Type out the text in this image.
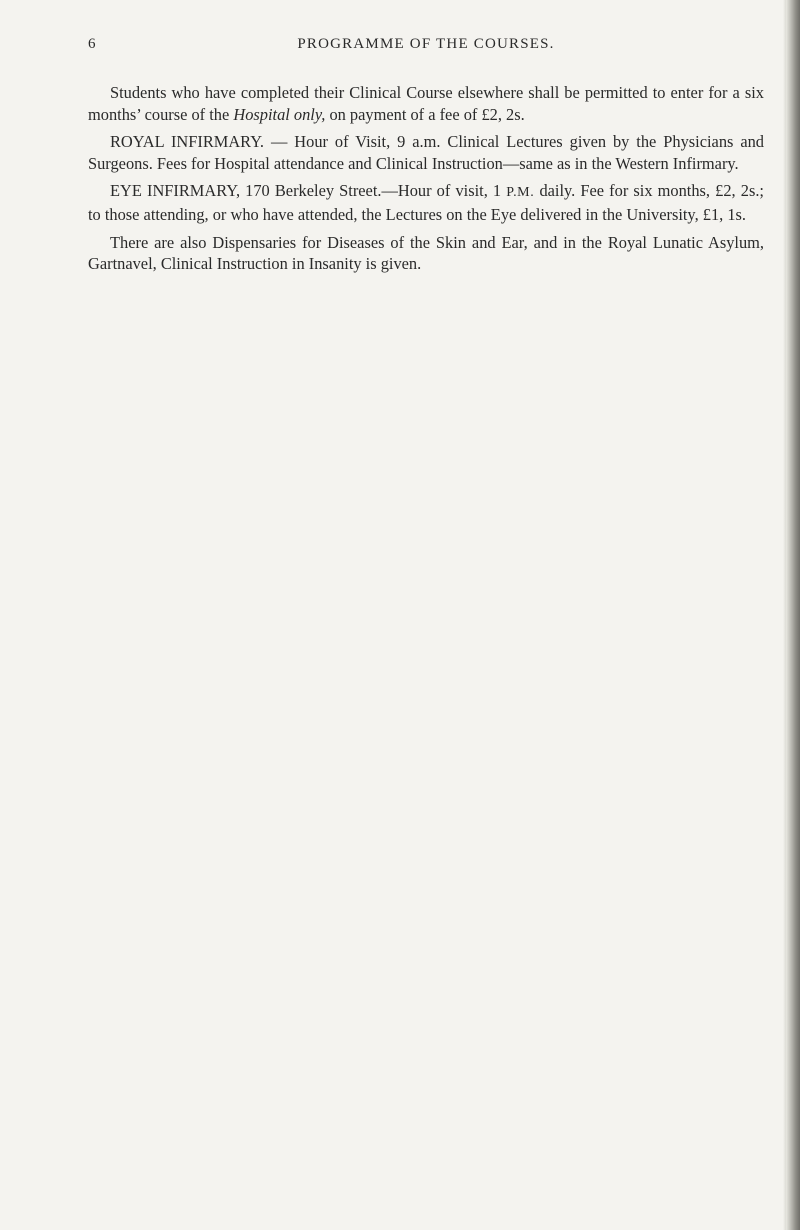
6	PROGRAMME OF THE COURSES.

Students who have completed their Clinical Course elsewhere shall be permitted to enter for a six months’ course of the Hospital only, on payment of a fee of £2, 2s.

ROYAL INFIRMARY. — Hour of Visit, 9 a.m. Clinical Lectures given by the Physicians and Surgeons. Fees for Hospital attendance and Clinical Instruction—same as in the Western Infirmary.

EYE INFIRMARY, 170 Berkeley Street.—Hour of visit, 1 P.M. daily. Fee for six months, £2, 2s.; to those attending, or who have attended, the Lectures on the Eye delivered in the University, £1, 1s.

There are also Dispensaries for Diseases of the Skin and Ear, and in the Royal Lunatic Asylum, Gartnavel, Clinical Instruction in Insanity is given.
